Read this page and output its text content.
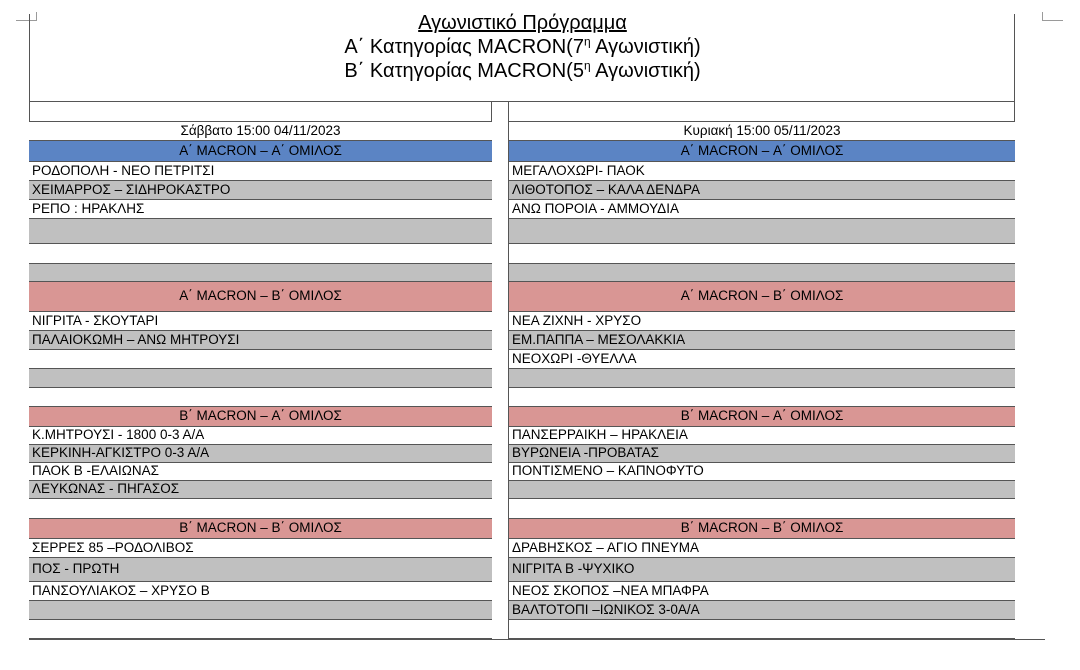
Αγωνιστικό Πρόγραμμα
Α΄ Κατηγορίας $MACRON(7^\eta$ Αγωνιστική)
Β΄ Κατηγορίας $MACRON(5^\eta$ Αγωνιστική)
Σάββατο 15:00 04/11/2023
Α΄ MACRON – Α΄ ΟΜΙΛΟΣ
ΡΟΔΟΠΟΛΗ - ΝΕΟ ΠΕΤΡΙΤΣΙ
ΧΕΙΜΑΡΡΟΣ – ΣΙΔΗΡΟΚΑΣΤΡΟ
ΡΕΠΟ : ΗΡΑΚΛΗΣ
Α΄ MACRON – Β΄ ΟΜΙΛΟΣ
ΝΙΓΡΙΤΑ - ΣΚΟΥΤΑΡΙ
ΠΑΛΑΙΟΚΩΜΗ – ΑΝΩ ΜΗΤΡΟΥΣΙ
Β΄ MACRON – Α΄ ΟΜΙΛΟΣ
Κ.ΜΗΤΡΟΥΣΙ - 1800 0-3 Α/Α
ΚΕΡΚΙΝΗ-ΑΓΚΙΣΤΡΟ 0-3 Α/Α
ΠΑΟΚ Β -ΕΛΑΙΩΝΑΣ
ΛΕΥΚΩΝΑΣ - ΠΗΓΑΣΟΣ
Β΄ MACRON – Β΄ ΟΜΙΛΟΣ
ΣΕΡΡΕΣ 85 –ΡΟΔΟΛΙΒΟΣ
ΠΟΣ - ΠΡΩΤΗ
ΠΑΝΣΟΥΛΙΑΚΟΣ – ΧΡΥΣΟ Β
Κυριακή 15:00 05/11/2023
Α΄ MACRON – Α΄ ΟΜΙΛΟΣ
ΜΕΓΑΛΟΧΩΡΙ- ΠΑΟΚ
ΛΙΘΟΤΟΠΟΣ – ΚΑΛΑ ΔΕΝΔΡΑ
ΑΝΩ ΠΟΡΟΙΑ - ΑΜΜΟΥΔΙΑ
Α΄ MACRON – Β΄ ΟΜΙΛΟΣ
ΝΕΑ ΖΙΧΝΗ - ΧΡΥΣΟ
ΕΜ.ΠΑΠΠΑ – ΜΕΣΟΛΑΚΚΙΑ
ΝΕΟΧΩΡΙ -ΘΥΕΛΛΑ
Β΄ MACRON – Α΄ ΟΜΙΛΟΣ
ΠΑΝΣΕΡΡΑΙΚΗ – ΗΡΑΚΛΕΙΑ
ΒΥΡΩΝΕΙΑ -ΠΡΟΒΑΤΑΣ
ΠΟΝΤΙΣΜΕΝΟ – ΚΑΠΝΟΦΥΤΟ
Β΄ MACRON – Β΄ ΟΜΙΛΟΣ
ΔΡΑΒΗΣΚΟΣ – ΑΓΙΟ ΠΝΕΥΜΑ
ΝΙΓΡΙΤΑ Β -ΨΥΧΙΚΟ
ΝΕΟΣ ΣΚΟΠΟΣ –ΝΕΑ ΜΠΑΦΡΑ
ΒΑΛΤΟΤΟΠΙ –ΙΩΝΙΚΟΣ 3-0Α/Α
